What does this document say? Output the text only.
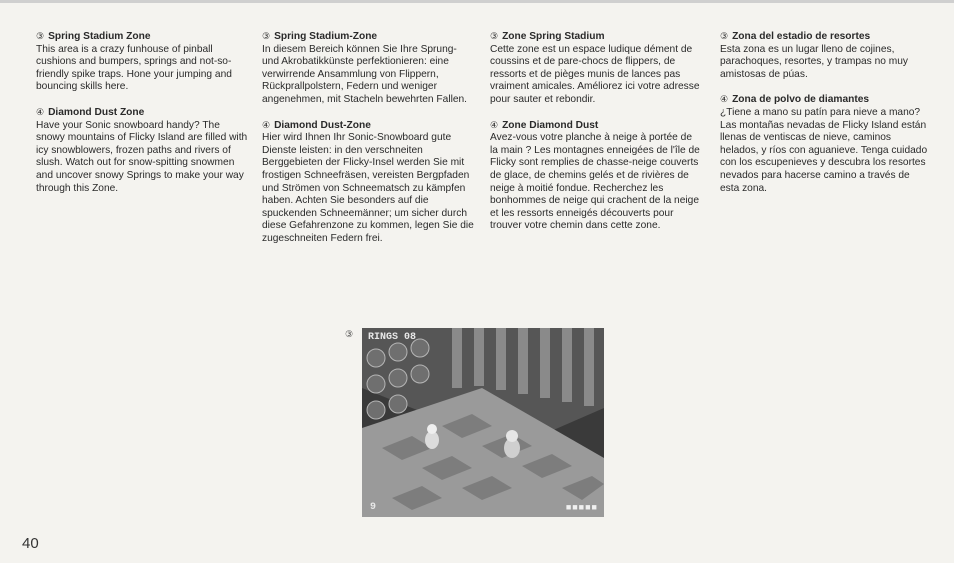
③ Spring Stadium Zone
This area is a crazy funhouse of pinball cushions and bumpers, springs and not-so-friendly spike traps. Hone your jumping and bouncing skills here.
④ Diamond Dust Zone
Have your Sonic snowboard handy? The snowy mountains of Flicky Island are filled with icy snowblowers, frozen paths and rivers of slush. Watch out for snow-spitting snowmen and uncover snowy Springs to make your way through this Zone.
③ Spring Stadium-Zone
In diesem Bereich können Sie Ihre Sprung- und Akrobatikkünste perfektionieren: eine verwirrende Ansammlung von Flippern, Rückprallpolstern, Federn und weniger angenehmen, mit Stacheln bewehrten Fallen.
④ Diamond Dust-Zone
Hier wird Ihnen Ihr Sonic-Snowboard gute Dienste leisten: in den verschneiten Berggebieten der Flicky-Insel werden Sie mit frostigen Schneefräsen, vereisten Bergpfaden und Strömen von Schneematsch zu kämpfen haben. Achten Sie besonders auf die spuckenden Schneemänner; um sicher durch diese Gefahrenzone zu kommen, legen Sie die zugeschneiten Federn frei.
③ Zone Spring Stadium
Cette zone est un espace ludique dément de coussins et de pare-chocs de flippers, de ressorts et de pièges munis de lances pas vraiment amicales. Améliorez ici votre adresse pour sauter et rebondir.
④ Zone Diamond Dust
Avez-vous votre planche à neige à portée de la main ? Les montagnes enneigées de l'île de Flicky sont remplies de chasse-neige couverts de glace, de chemins gelés et de rivières de neige à moitié fondue. Recherchez les bonhommes de neige qui crachent de la neige et les ressorts enneigés découverts pour trouver votre chemin dans cette zone.
③ Zona del estadio de resortes
Esta zona es un lugar lleno de cojines, parachoques, resortes, y trampas no muy amistosas de púas.
④ Zona de polvo de diamantes
¿Tiene a mano su patín para nieve a mano? Las montañas nevadas de Flicky Island están llenas de ventiscas de nieve, caminos helados, y ríos con aguanieve. Tenga cuidado con los escupenieves y descubra los resortes nevados para hacerse camino a través de esta zona.
③ RINGS 08
9	■■■■■
40
